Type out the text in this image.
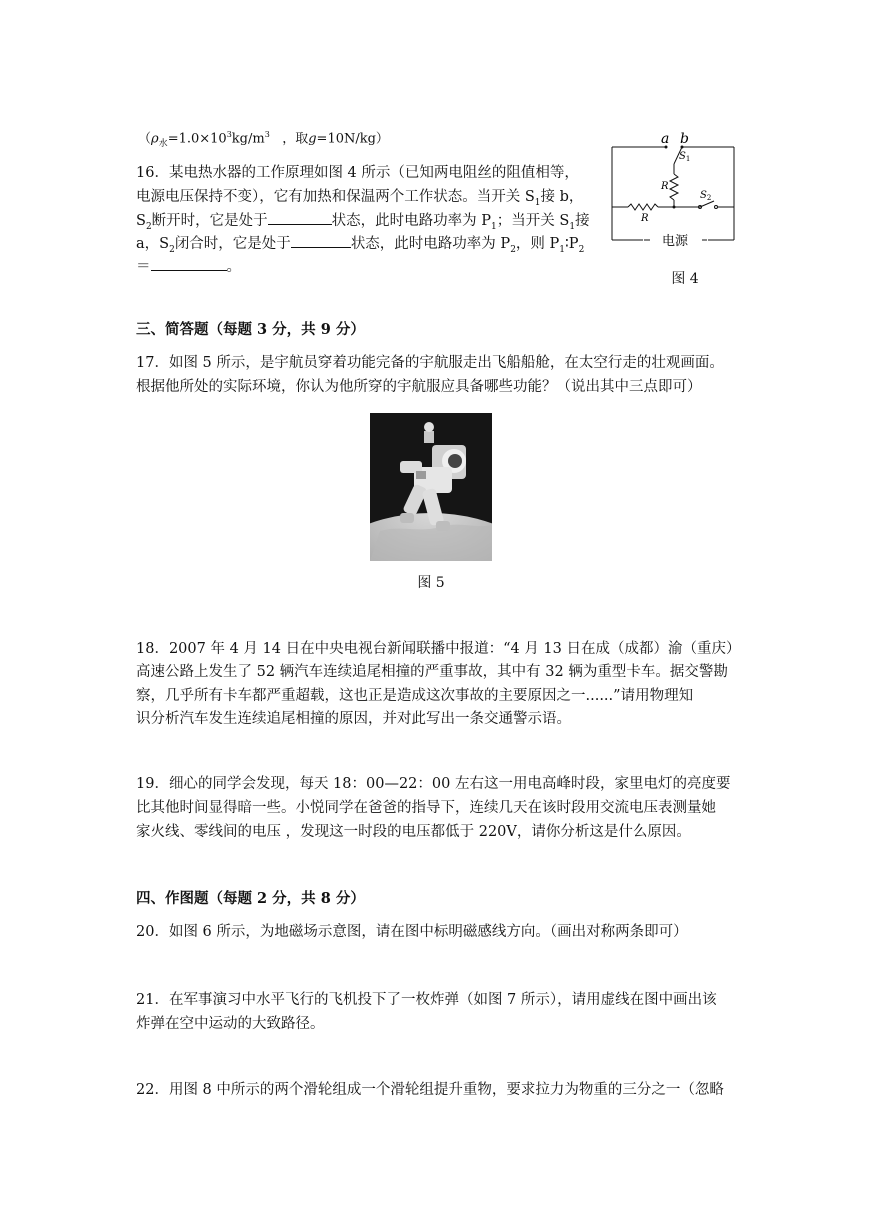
（$\rho_水=1.0\times 10^3kg/m^3$ ，取g=10N/kg）
16．某电热水器的工作原理如图 4 所示（已知两电阻丝的阻值相等，
电源电压保持不变），它有加热和保温两个工作状态。当开关 $S_1$接 b，
$S_2$断开时，它是处于	状态，此时电路功率为 $P_1$；当开关 $S_1$接
a，$S_2$闭合时，它是处于	状态，此时电路功率为 $P_2$，则 $P_1∶P_2$
＝	。
a b
$S_1$
R
$S_2$
R
电源
图 4
三、简答题（每题 3 分，共 9 分）
17．如图 5 所示，是宇航员穿着功能完备的宇航服走出飞船船舱，在太空行走的壮观画面。
根据他所处的实际环境，你认为他所穿的宇航服应具备哪些功能？（说出其中三点即可）
图 5
18．2007 年 4 月 14 日在中央电视台新闻联播中报道：“4 月 13 日在成（成都）渝（重庆）
高速公路上发生了 52 辆汽车连续追尾相撞的严重事故，其中有 32 辆为重型卡车。据交警勘
察，几乎所有卡车都严重超载，这也正是造成这次事故的主要原因之一......”请用物理知
识分析汽车发生连续追尾相撞的原因，并对此写出一条交通警示语。
19．细心的同学会发现，每天 18：00—22：00 左右这一用电高峰时段，家里电灯的亮度要
比其他时间显得暗一些。小悦同学在爸爸的指导下，连续几天在该时段用交流电压表测量她
家火线、零线间的电压 ，发现这一时段的电压都低于 220V，请你分析这是什么原因。
四、作图题（每题 2 分，共 8 分）
20．如图 6 所示，为地磁场示意图，请在图中标明磁感线方向。（画出对称两条即可）
21．在军事演习中水平飞行的飞机投下了一枚炸弹（如图 7 所示），请用虚线在图中画出该
炸弹在空中运动的大致路径。
22．用图 8 中所示的两个滑轮组成一个滑轮组提升重物，要求拉力为物重的三分之一（忽略
